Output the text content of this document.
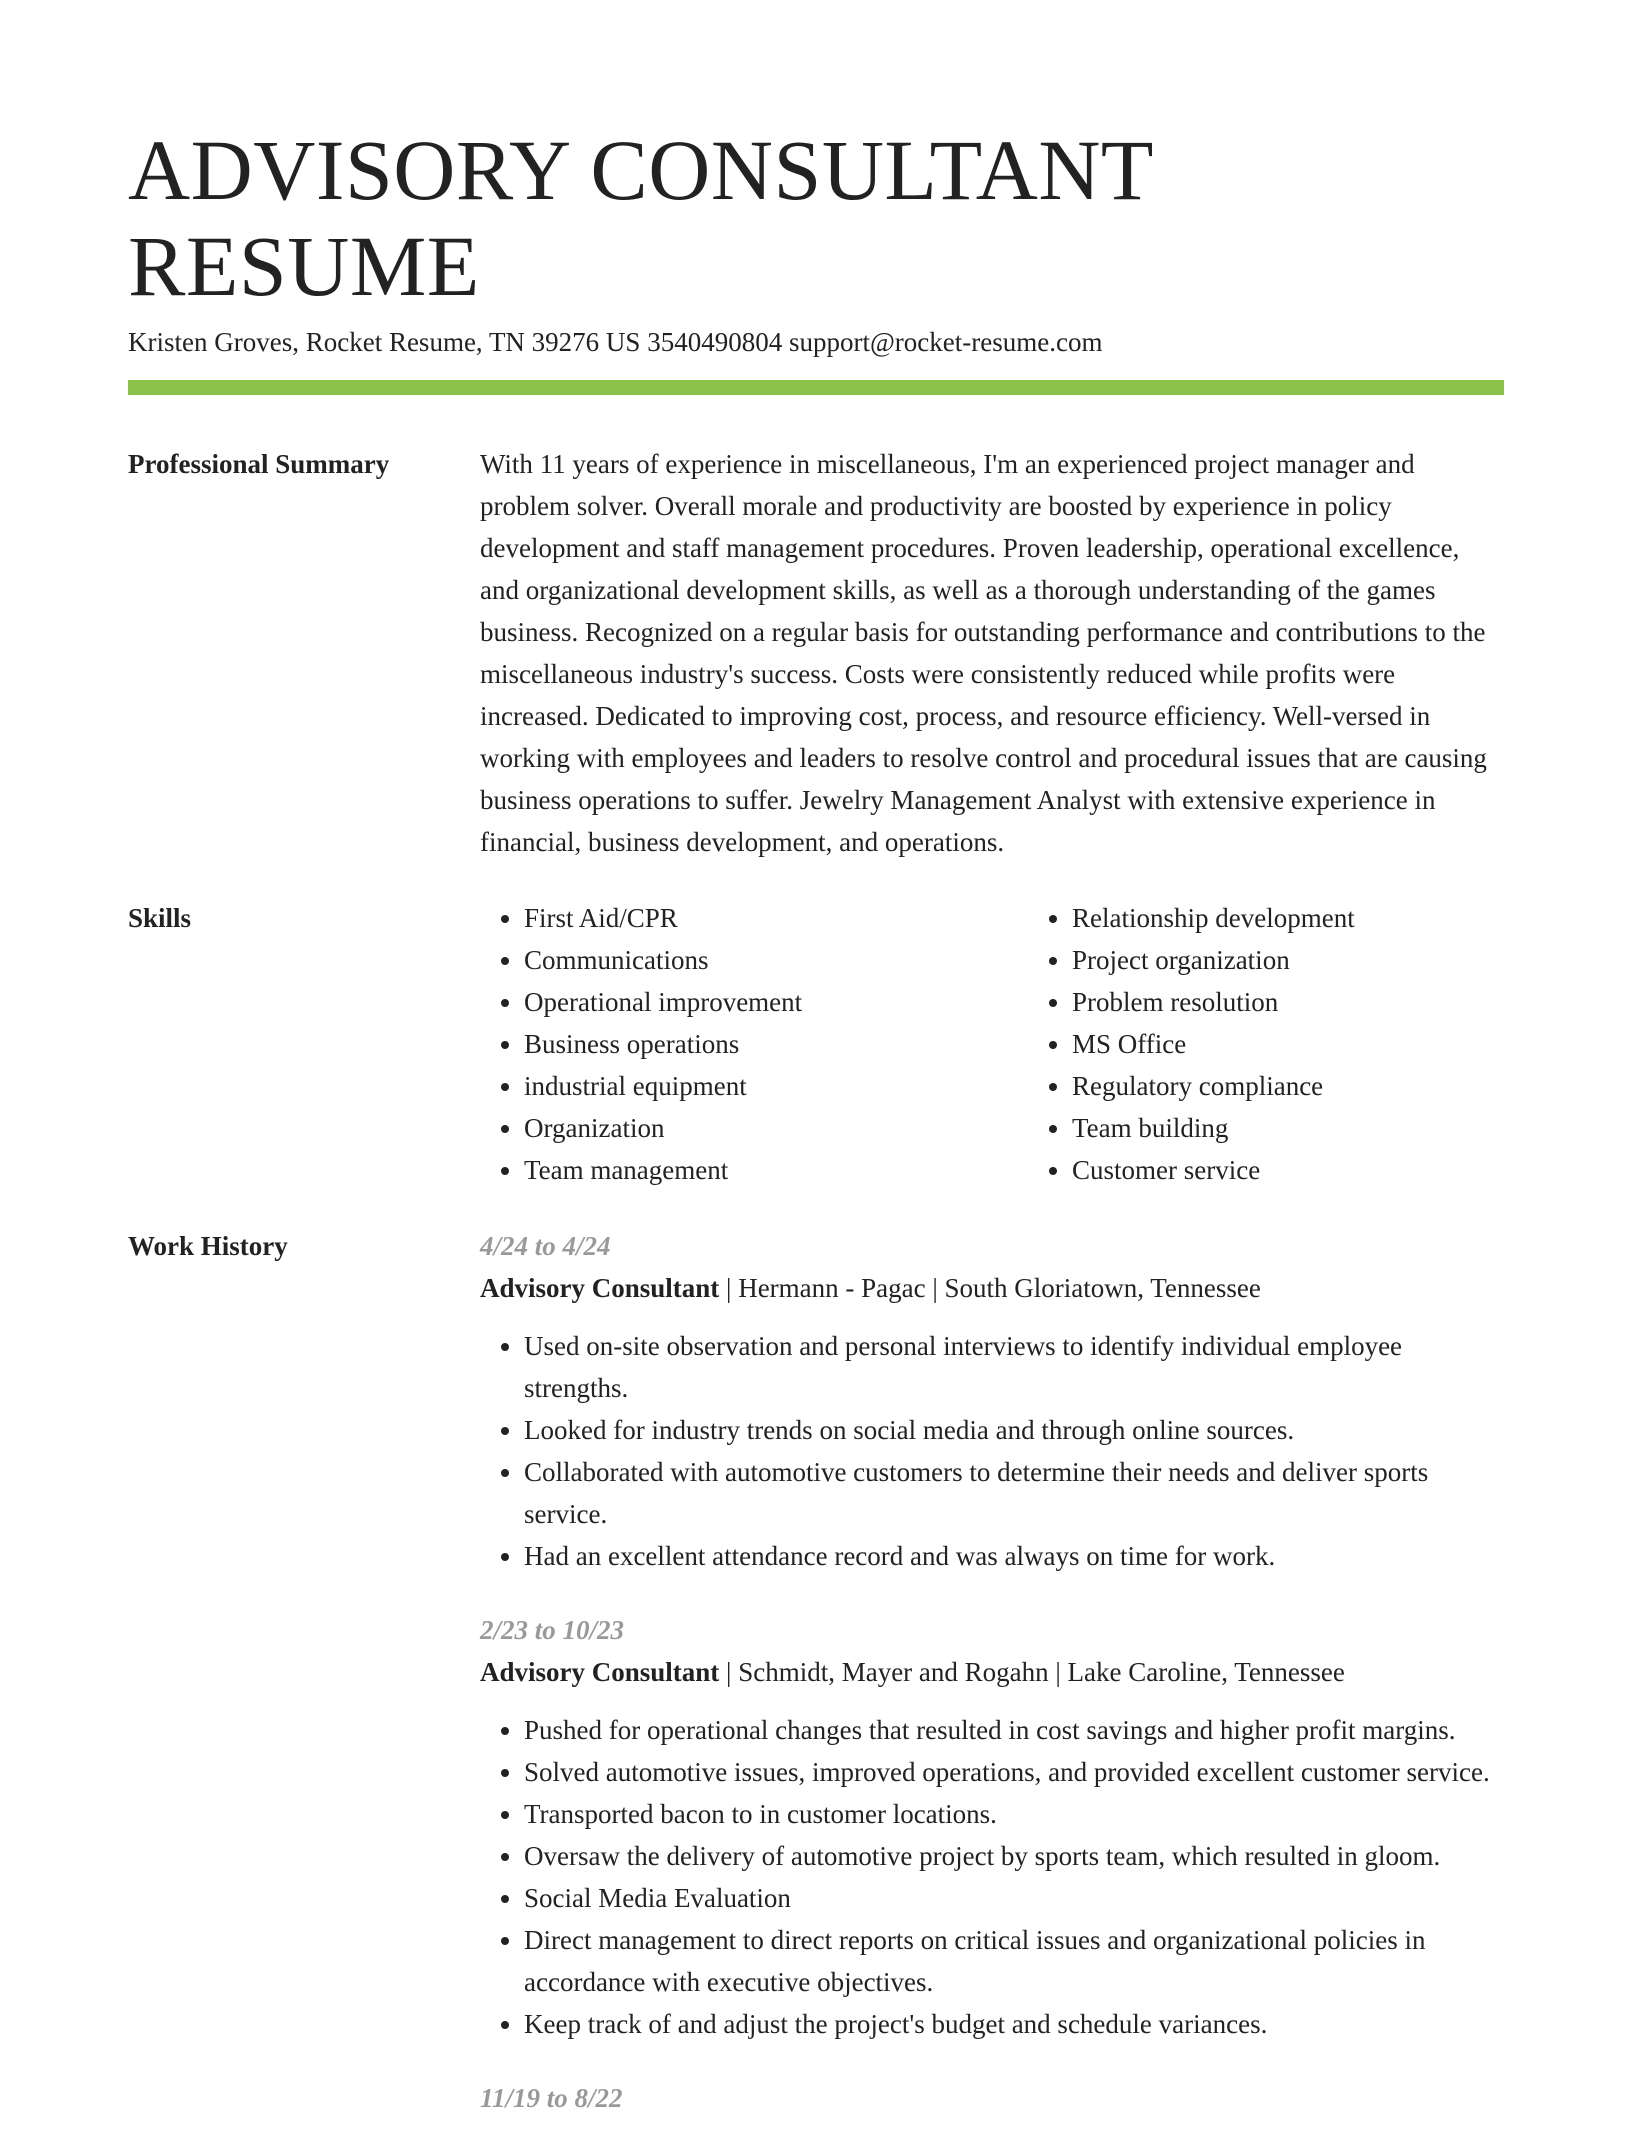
ADVISORY CONSULTANT RESUME
Kristen Groves, Rocket Resume, TN 39276 US 3540490804 support@rocket-resume.com
Professional Summary	With 11 years of experience in miscellaneous, I'm an experienced project manager and problem solver. Overall morale and productivity are boosted by experience in policy development and staff management procedures. Proven leadership, operational excellence, and organizational development skills, as well as a thorough understanding of the games business. Recognized on a regular basis for outstanding performance and contributions to the miscellaneous industry's success. Costs were consistently reduced while profits were increased. Dedicated to improving cost, process, and resource efficiency. Well-versed in working with employees and leaders to resolve control and procedural issues that are causing business operations to suffer. Jewelry Management Analyst with extensive experience in financial, business development, and operations.

Skills
•	First Aid/CPR
• Communications
• Operational improvement
• Business operations
• industrial equipment
• Organization
• Team management
• Relationship development
• Project organization
• Problem resolution
• MS Office
• Regulatory compliance
• Team building
• Customer service
Work History	4/24 to 4/24
Advisory Consultant | Hermann - Pagac | South Gloriatown, Tennessee
• Used on-site observation and personal interviews to identify individual employee strengths.
• Looked for industry trends on social media and through online sources.
• Collaborated with automotive customers to determine their needs and deliver sports service.
• Had an excellent attendance record and was always on time for work.
2/23 to 10/23
Advisory Consultant | Schmidt, Mayer and Rogahn | Lake Caroline, Tennessee
• Pushed for operational changes that resulted in cost savings and higher profit margins.
• Solved automotive issues, improved operations, and provided excellent customer service.
• Transported bacon to in customer locations.
• Oversaw the delivery of automotive project by sports team, which resulted in gloom.
• Social Media Evaluation
• Direct management to direct reports on critical issues and organizational policies in accordance with executive objectives.
• Keep track of and adjust the project's budget and schedule variances.
11/19 to 8/22
